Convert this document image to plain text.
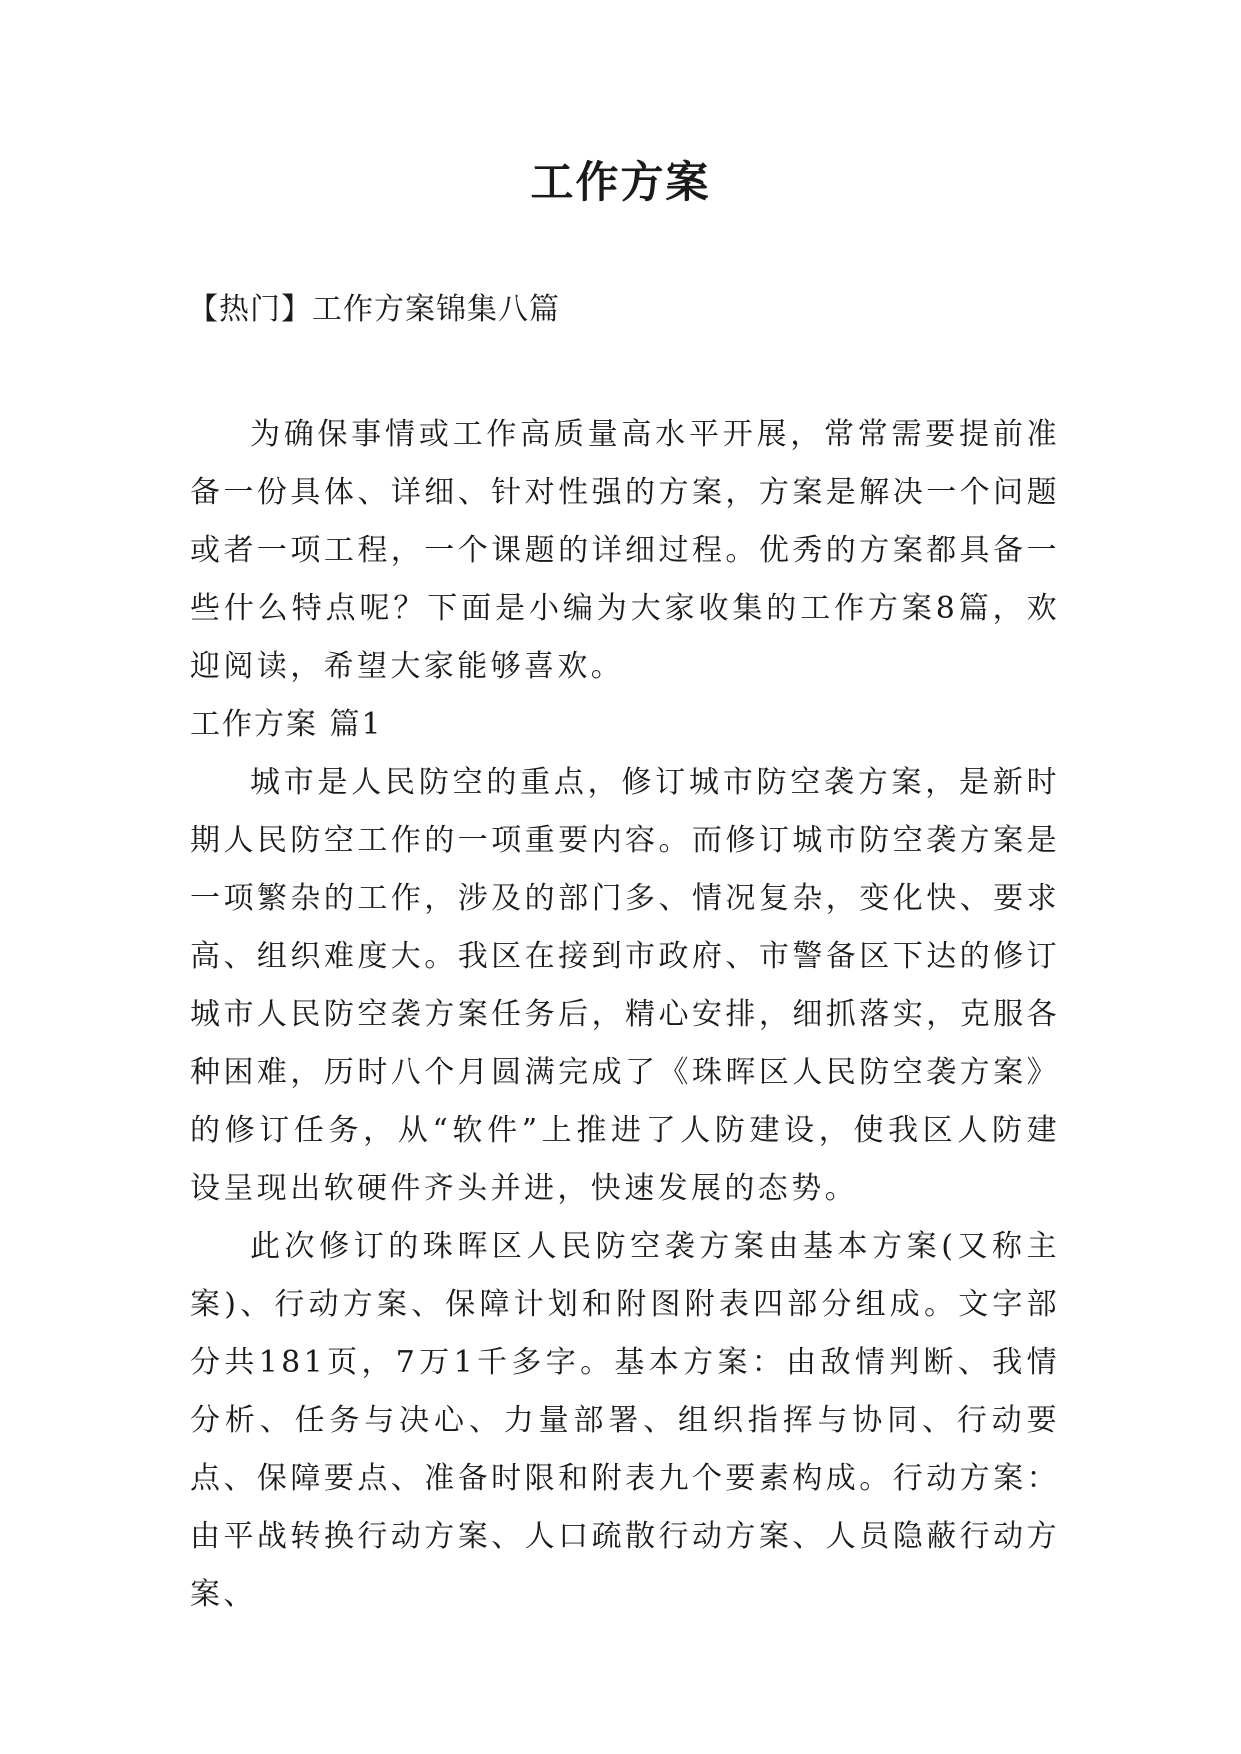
工作方案
【热门】工作方案锦集八篇

为确保事情或工作高质量高水平开展，常常需要提前准备一份具体、详细、针对性强的方案，方案是解决一个问题或者一项工程，一个课题的详细过程。优秀的方案都具备一些什么特点呢？下面是小编为大家收集的工作方案8篇，欢迎阅读，希望大家能够喜欢。

工作方案 篇1

城市是人民防空的重点，修订城市防空袭方案，是新时期人民防空工作的一项重要内容。而修订城市防空袭方案是一项繁杂的工作，涉及的部门多、情况复杂，变化快、要求高、组织难度大。我区在接到市政府、市警备区下达的修订城市人民防空袭方案任务后，精心安排，细抓落实，克服各种困难，历时八个月圆满完成了《珠晖区人民防空袭方案》的修订任务，从“软件”上推进了人防建设，使我区人防建设呈现出软硬件齐头并进，快速发展的态势。

此次修订的珠晖区人民防空袭方案由基本方案(又称主案)、行动方案、保障计划和附图附表四部分组成。文字部分共181页，7万1千多字。基本方案：由敌情判断、我情分析、任务与决心、力量部署、组织指挥与协同、行动要点、保障要点、准备时限和附表九个要素构成。行动方案：由平战转换行动方案、人口疏散行动方案、人员隐蔽行动方案、
